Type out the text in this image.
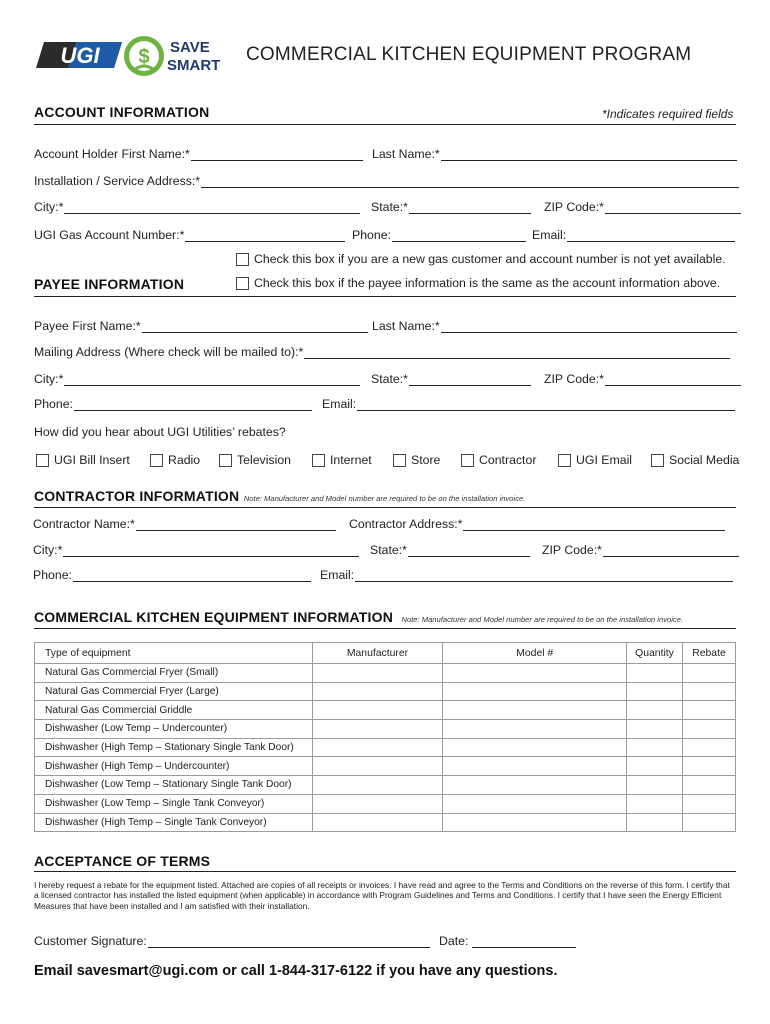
UGI $ SAVE
SMART
COMMERCIAL KITCHEN EQUIPMENT PROGRAM
ACCOUNT INFORMATION	*Indicates required fields
Account Holder First Name:*	Last Name:*
Installation / Service Address:*
City:*	State:*	ZIP Code:*
UGI Gas Account Number:*	Phone:	Email:
Check this box if you are a new gas customer and account number is not yet available.
PAYEE INFORMATION	Check this box if the payee information is the same as the account information above.
Payee First Name:*	Last Name:*
Mailing Address (Where check will be mailed to):*
City:*	State:*	ZIP Code:*
Phone:	Email:
How did you hear about UGI Utilities’ rebates?
UGI Bill Insert	Radio	Television	Internet	Store	Contractor	UGI Email	Social Media
CONTRACTOR INFORMATION Note: Manufacturer and Model number are required to be on the installation invoice.
Contractor Name:*	Contractor Address:*
City:*	State:*	ZIP Code:*
Phone:	Email:
COMMERCIAL KITCHEN EQUIPMENT INFORMATION Note: Manufacturer and Model number are required to be on the installation invoice.
Type of equipment	Manufacturer	Model #	Quantity	Rebate
Natural Gas Commercial Fryer (Small)				
Natural Gas Commercial Fryer (Large)				
Natural Gas Commercial Griddle				
Dishwasher (Low Temp – Undercounter)				
Dishwasher (High Temp – Stationary Single Tank Door)				
Dishwasher (High Temp – Undercounter)				
Dishwasher (Low Temp – Stationary Single Tank Door)				
Dishwasher (Low Temp – Single Tank Conveyor)				
Dishwasher (High Temp – Single Tank Conveyor)				
ACCEPTANCE OF TERMS
I hereby request a rebate for the equipment listed. Attached are copies of all receipts or invoices. I have read and agree to the Terms and Conditions on the reverse of this form. I certify that a licensed contractor has installed the listed equipment (when applicable) in accordance with Program Guidelines and Terms and Conditions. I certify that I have seen the Energy Efficient Measures that have been installed and I am satisfied with their installation.
Customer Signature:	Date:
Email savesmart@ugi.com or call 1-844-317-6122 if you have any questions.
